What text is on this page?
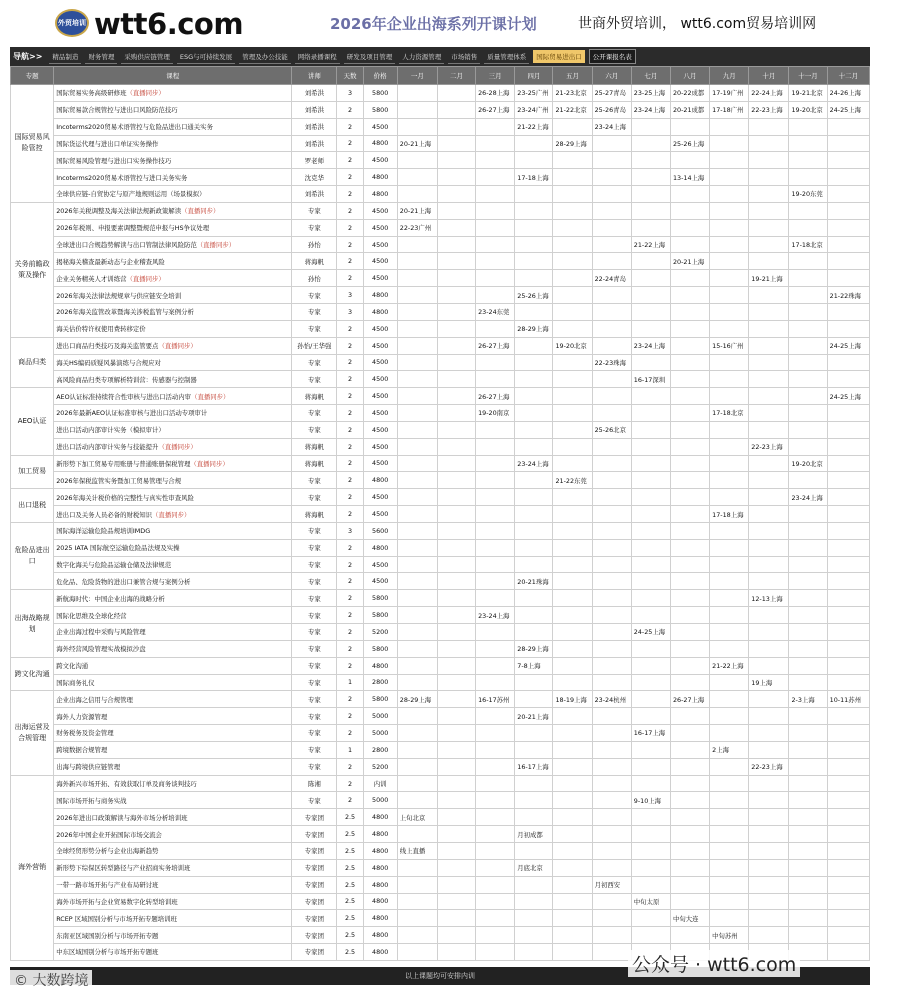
外贸培训 wtt6.com	2026年企业出海系列开课计划	世商外贸培训， wtt6.com贸易培训网
导航>>	精品制造	财务管理	采购供应链管理	ESG与可持续发展	管理及办公技能	网络录播课程	研发及项目管理	人力资源管理	市场销售	质量管理体系	国际贸易进出口	公开课报名表
专题	课程	讲师	天数	价格	一月	二月	三月	四月	五月	六月	七月	八月	九月	十月	十一月	十二月
国际贸易风险管控	国际贸易实务高级研修班（直播同步）	刘希洪	3	5800			26-28上海	23-25广州	21-23北京	25-27青岛	23-25上海	20-22成都	17-19广州	22-24上海	19-21北京	24-26上海
	国际贸易款合规管控与进出口风险防范技巧	刘希洪	2	5800			26-27上海	23-24广州	21-22北京	25-26青岛	23-24上海	20-21成都	17-18广州	22-23上海	19-20北京	24-25上海
	Incoterms2020贸易术语管控与危险品进出口通关实务	刘希洪	2	4500				21-22上海		23-24上海						
	国际货运代理与进出口单证实务操作	刘希洪	2	4800	20-21上海				28-29上海			25-26上海				
	国际贸易风险管理与进出口实务操作技巧	罗老师	2	4500												
	Incoterms2020贸易术语管控与进口关务实务	沈克华	2	4800				17-18上海				13-14上海				
	全球供应链-自贸协定与原产地规则运用（场景模拟）	刘希洪	2	4800											19-20东莞	
关务前瞻政策及操作	2026年关税调整及海关法律法规新政策解读（直播同步）	专家	2	4500	20-21上海											
	2026年税则、申报要素调整暨规范申报与HS争议处理	专家	2	4500	22-23广州											
	全球进出口合规趋势解读与出口管制法律风险防范（直播同步）	孙怡	2	4500							21-22上海				17-18北京	
	揭秘海关稽查最新动态与企业稽查风险	蒋海帆	2	4500								20-21上海				
	企业关务精英人才训练营（直播同步）	孙怡	2	4500						22-24青岛				19-21上海		
	2026年海关法律法规规章与供应链安全培训	专家	3	4800				25-26上海								21-22珠海
	2026年海关监管改革暨海关涉税监管与案例分析	专家	3	4800			23-24东莞									
	海关估价特许权使用费转移定价	专家	2	4500				28-29上海								
商品归类	进出口商品归类技巧及海关监管要点（直播同步）	孙怡/王华强	2	4500			26-27上海		19-20北京		23-24上海		15-16广州			24-25上海
	海关HS编码质疑风暴演练与合规应对	专家	2	4500						22-23珠海						
	高风险商品归类专项解析特训营：传感器与控制器	专家	2	4500							16-17深圳					
AEO认证	AEO认证标准持续符合性审核与进出口活动内审（直播同步）	蒋海帆	2	4500			26-27上海									24-25上海
	2026年最新AEO认证标准审核与进出口活动专项审计	专家	2	4500			19-20南京						17-18北京			
	进出口活动内部审计实务（模拟审计）	专家	2	4500						25-26北京						
	进出口活动内部审计实务与技能提升（直播同步）	蒋海帆	2	4500										22-23上海		
加工贸易	新形势下加工贸易专用账册与普通账册保税管理（直播同步）	蒋海帆	2	4500				23-24上海							19-20北京	
	2026年保税监管实务暨加工贸易管理与合规	专家	2	4800					21-22东莞							
出口退税	2026年海关计税价格的完整性与真实性审查风险	专家	2	4500											23-24上海	
	进出口及关务人员必备的财税知识（直播同步）	蒋海帆	2	4500									17-18上海			
危险品进出口	国际海洋运输危险品规培训IMDG	专家	3	5600												
	2025 IATA 国际航空运输危险品法规及实操	专家	2	4800												
	数字化海关与危险品运输仓储及法律规范	专家	2	4500												
	危化品、危险货物的进出口兼管合规与案例分析	专家	2	4500				20-21珠海								
出海战略规划	新航海时代：中国企业出海的战略分析	专家	2	5800										12-13上海		
	国际化思维及全球化经营	专家	2	5800			23-24上海									
	企业出海过程中采购与风险管理	专家	2	5200							24-25上海					
	海外经营风险管理实战模拟沙盘	专家	2	5800				28-29上海								
跨文化沟通	跨文化沟通	专家	2	4800				7-8上海					21-22上海			
	国际商务礼仪	专家	1	2800										19上海		
出海运营及合规管理	企业出海之信用与合规管理	专家	2	5800	28-29上海		16-17苏州		18-19上海	23-24杭州		26-27上海			2-3上海	10-11苏州
	海外人力资源管理	专家	2	5000				20-21上海								
	财务税务及资金管理	专家	2	5000							16-17上海					
	跨境数据合规管理	专家	1	2800									2上海			
	出海与跨境供应链管理	专家	2	5200				16-17上海						22-23上海		
海外营销	海外新兴市场开拓、有效获取订单及商务谈判技巧	陈湘	2	内训												
	国际市场开拓与商务实战	专家	2	5000							9-10上海					
	2026年进出口政策解读与海外市场分析培训班	专家团	2.5	4800	上旬北京											
	2026年中国企业开拓国际市场交流会	专家团	2.5	4800				月初成都								
	全球经贸形势分析与企业出海新趋势	专家团	2.5	4800	线上直播											
	新形势下综保区转型路径与产业招商实务培训班	专家团	2.5	4800				月底北京								
	一带一路市场开拓与产业布局研讨班	专家团	2.5	4800						月初西安						
	海外市场开拓与企业贸易数字化转型培训班	专家团	2.5	4800							中旬太原					
	RCEP 区域国别分析与市场开拓专题培训班	专家团	2.5	4800								中旬大连				
	东南亚区域国别分析与市场开拓专题	专家团	2.5	4800									中旬苏州			
	中东区域国别分析与市场开拓专题班	专家团	2.5	4800												
以上课题均可安排内训
© 大数跨境
公众号 · wtt6.com
